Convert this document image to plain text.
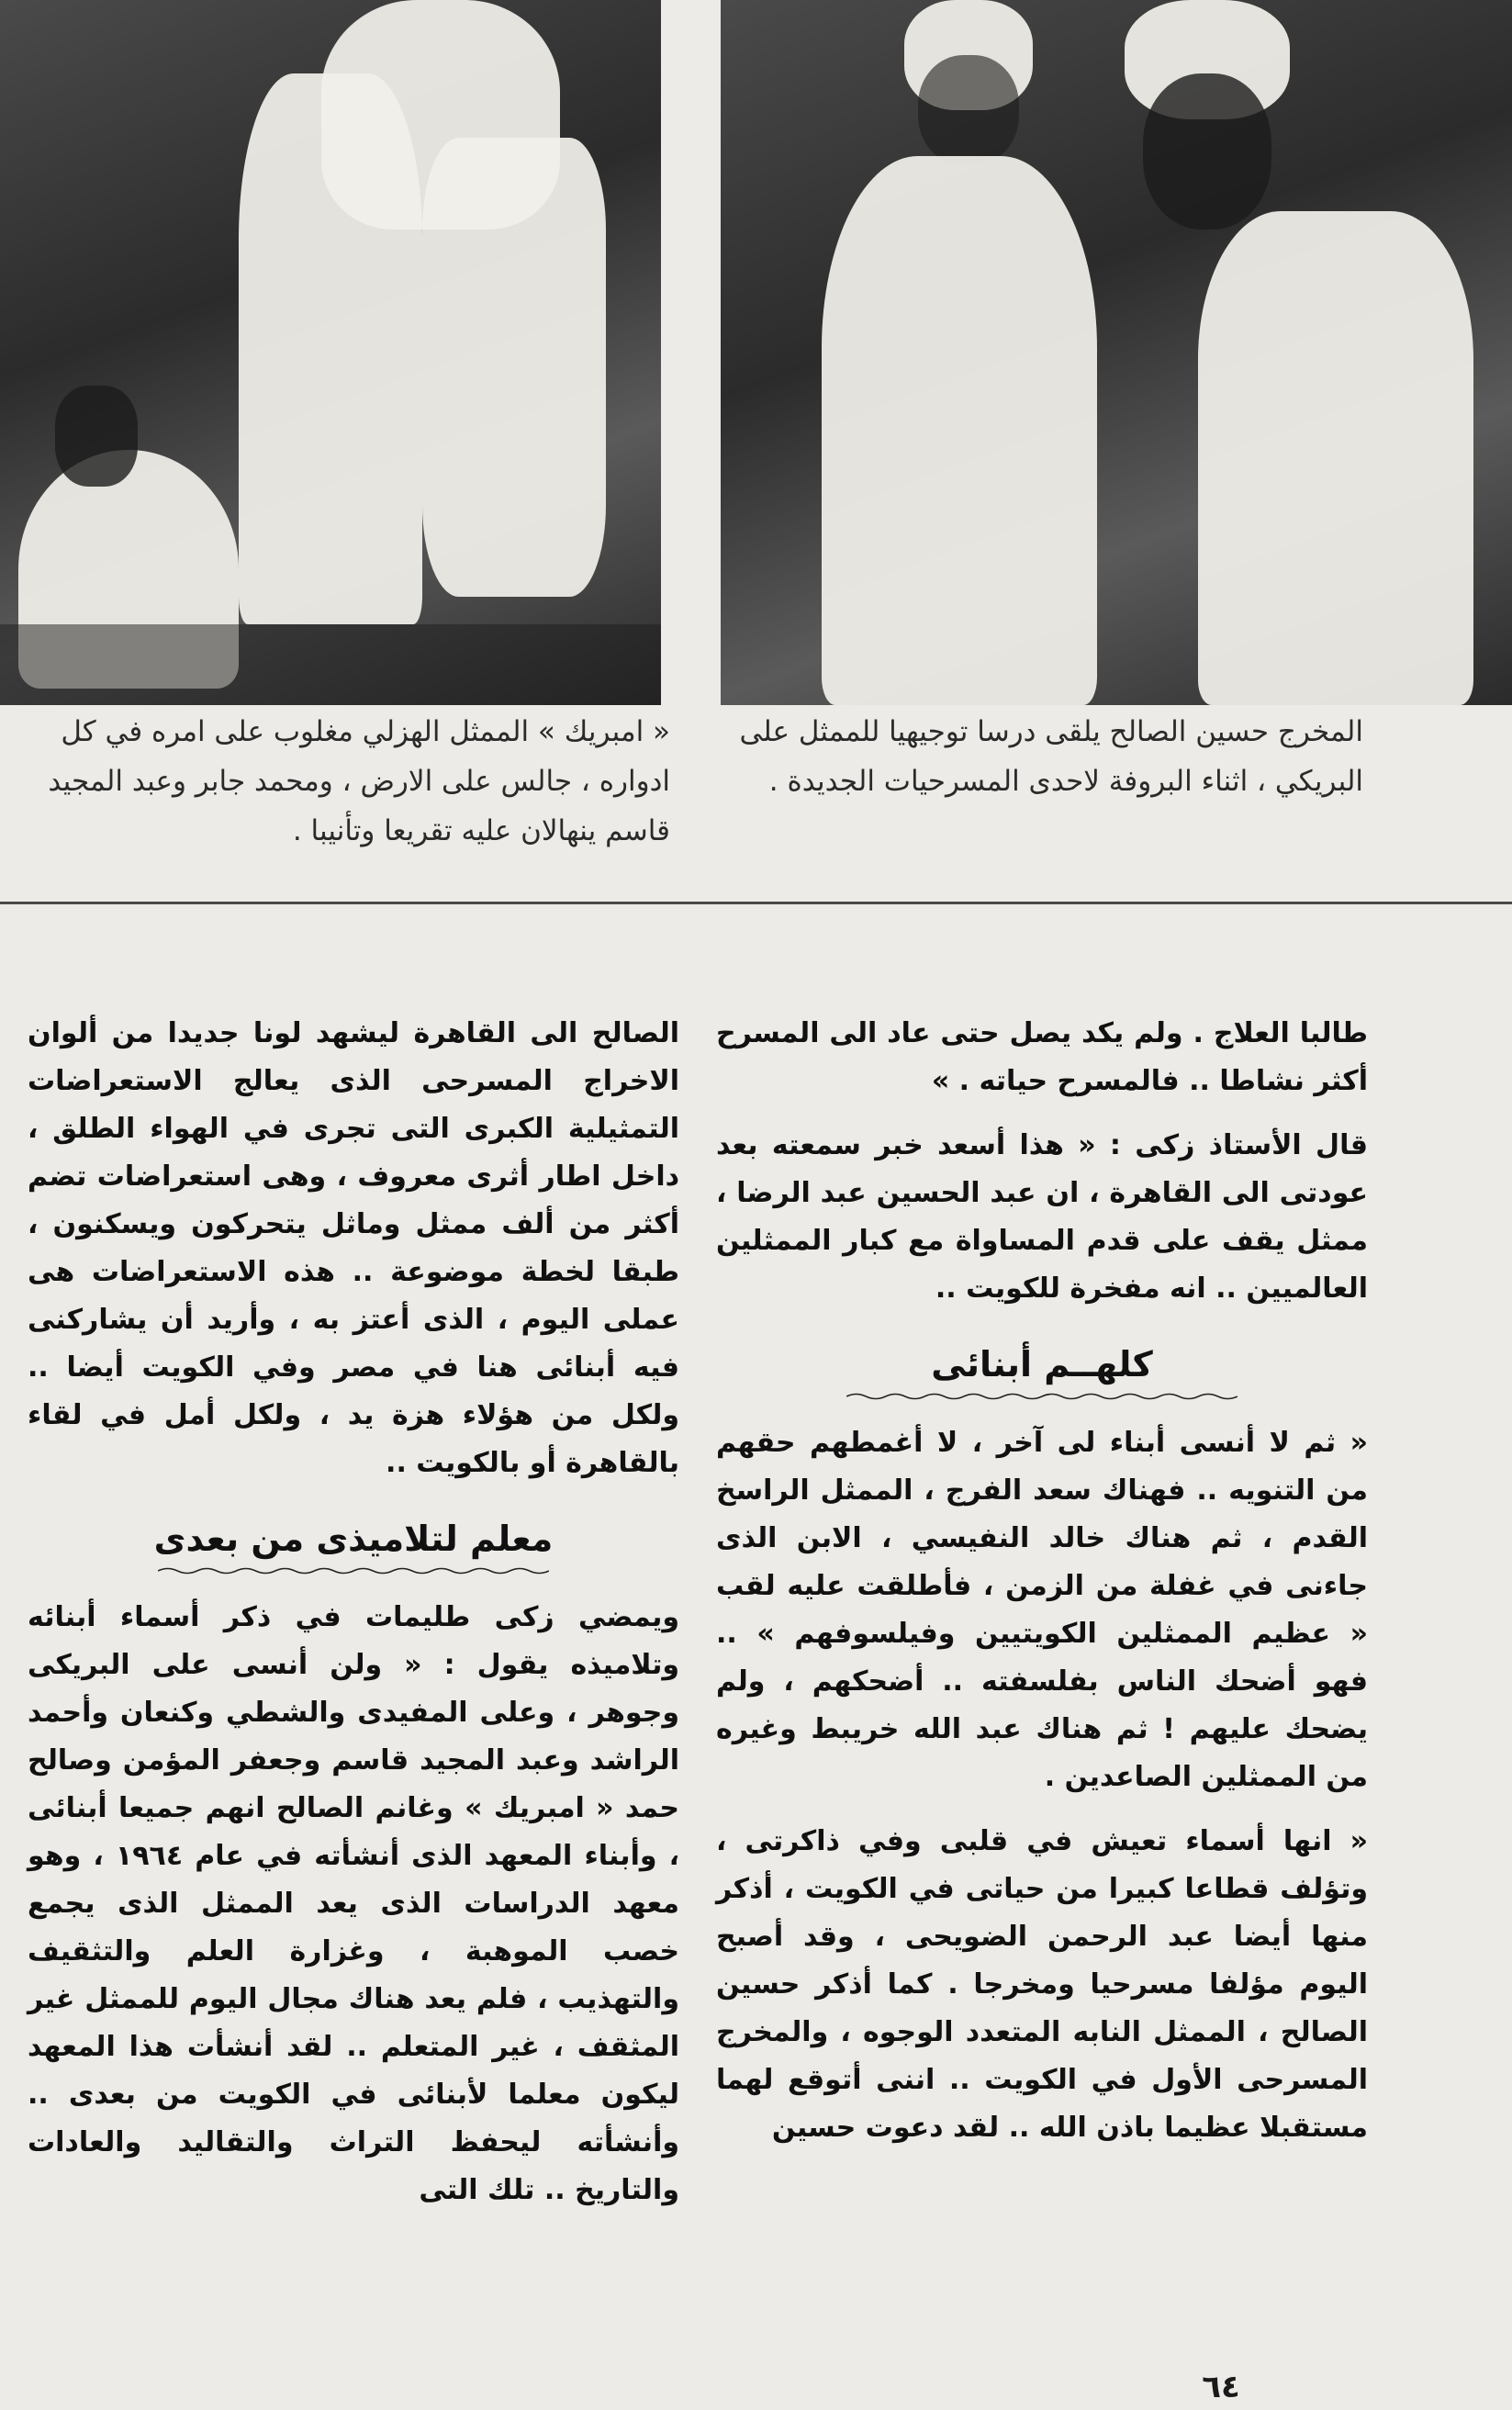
« امبريك » الممثل الهزلي مغلوب على امره في كل ادواره ، جالس على الارض ، ومحمد جابر وعبد المجيد قاسم ينهالان عليه تقريعا وتأنيبا .
المخرج حسين الصالح يلقى درسا توجيهيا للممثل على البريكي ، اثناء البروفة لاحدى المسرحيات الجديدة .

طالبا العلاج . ولم يكد يصل حتى عاد الى المسرح أكثر نشاطا .. فالمسرح حياته . »

قال الأستاذ زكى : « هذا أسعد خبر سمعته بعد عودتى الى القاهرة ، ان عبد الحسين عبد الرضا ، ممثل يقف على قدم المساواة مع كبار الممثلين العالميين .. انه مفخرة للكويت ..

كلهــم أبنائى

« ثم لا أنسى أبناء لى آخر ، لا أغمطهم حقهم من التنويه .. فهناك سعد الفرج ، الممثل الراسخ القدم ، ثم هناك خالد النفيسي ، الابن الذى جاءنى في غفلة من الزمن ، فأطلقت عليه لقب « عظيم الممثلين الكويتيين وفيلسوفهم » .. فهو أضحك الناس بفلسفته .. أضحكهم ، ولم يضحك عليهم ! ثم هناك عبد الله خريبط وغيره من الممثلين الصاعدين .

« انها أسماء تعيش في قلبى وفي ذاكرتى ، وتؤلف قطاعا كبيرا من حياتى في الكويت ، أذكر منها أيضا عبد الرحمن الضويحى ، وقد أصبح اليوم مؤلفا مسرحيا ومخرجا . كما أذكر حسين الصالح ، الممثل النابه المتعدد الوجوه ، والمخرج المسرحى الأول في الكويت .. اننى أتوقع لهما مستقبلا عظيما باذن الله .. لقد دعوت حسين

الصالح الى القاهرة ليشهد لونا جديدا من ألوان الاخراج المسرحى الذى يعالج الاستعراضات التمثيلية الكبرى التى تجرى في الهواء الطلق ، داخل اطار أثرى معروف ، وهى استعراضات تضم أكثر من ألف ممثل وماثل يتحركون ويسكنون ، طبقا لخطة موضوعة .. هذه الاستعراضات هى عملى اليوم ، الذى أعتز به ، وأريد أن يشاركنى فيه أبنائى هنا في مصر وفي الكويت أيضا .. ولكل من هؤلاء هزة يد ، ولكل أمل في لقاء بالقاهرة أو بالكويت ..

معلم لتلاميذى من بعدى

ويمضي زكى طليمات في ذكر أسماء أبنائه وتلاميذه يقول : « ولن أنسى على البريكى وجوهر ، وعلى المفيدى والشطي وكنعان وأحمد الراشد وعبد المجيد قاسم وجعفر المؤمن وصالح حمد « امبريك » وغانم الصالح انهم جميعا أبنائى ، وأبناء المعهد الذى أنشأته في عام ١٩٦٤ ، وهو معهد الدراسات الذى يعد الممثل الذى يجمع خصب الموهبة ، وغزارة العلم والتثقيف والتهذيب ، فلم يعد هناك مجال اليوم للممثل غير المثقف ، غير المتعلم .. لقد أنشأت هذا المعهد ليكون معلما لأبنائى في الكويت من بعدى .. وأنشأته ليحفظ التراث والتقاليد والعادات والتاريخ .. تلك التى

٦٤
